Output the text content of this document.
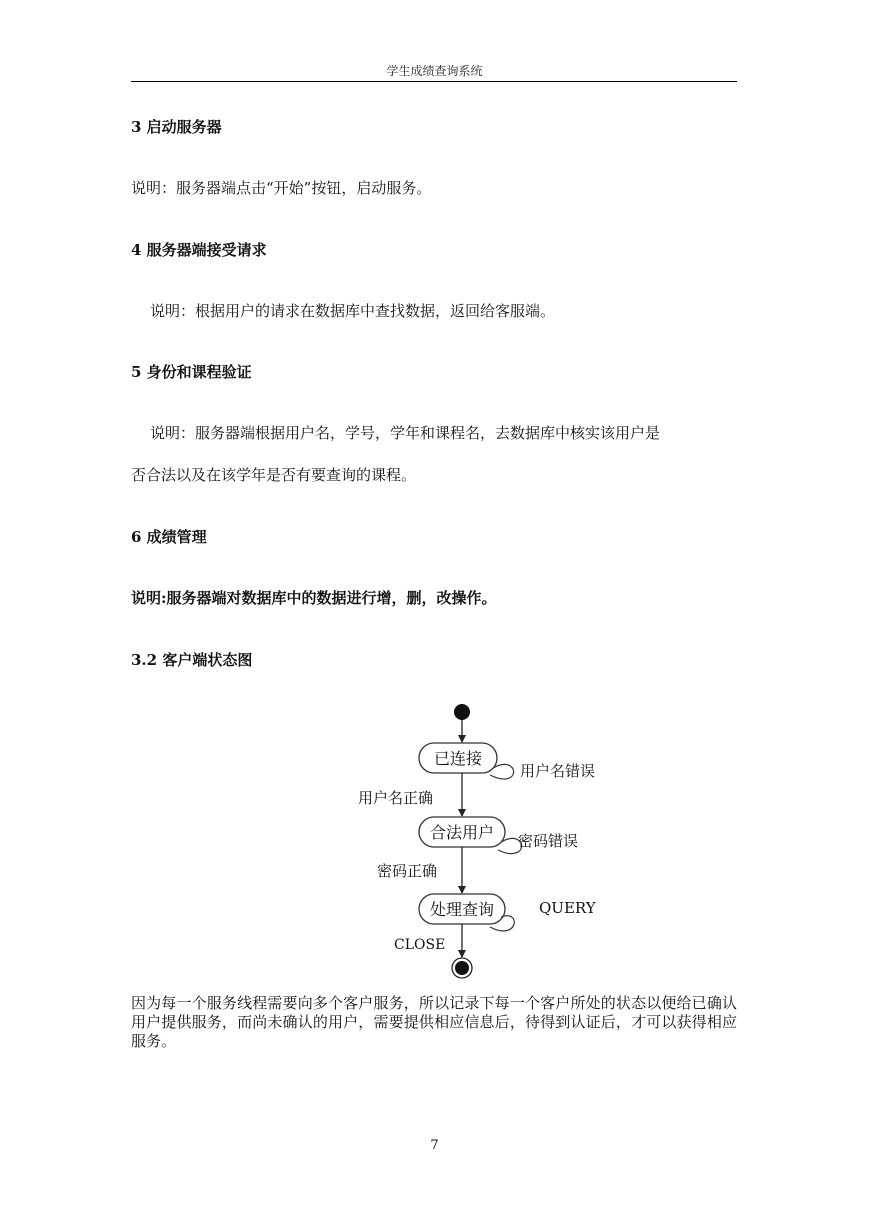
学生成绩查询系统
3 启动服务器
说明：服务器端点击“开始”按钮，启动服务。
4 服务器端接受请求
说明：根据用户的请求在数据库中查找数据，返回给客服端。
5 身份和课程验证
说明：服务器端根据用户名，学号，学年和课程名，去数据库中核实该用户是
否合法以及在该学年是否有要查询的课程。
6 成绩管理
说明:服务器端对数据库中的数据进行增，删，改操作。
3.2 客户端状态图
已连接
用户名错误
用户名正确
合法用户 密码错误
密码正确
处理查询	QUERY
CLOSE
因为每一个服务线程需要向多个客户服务，所以记录下每一个客户所处的状态以便给已确认用户提供服务，而尚未确认的用户，需要提供相应信息后，待得到认证后，才可以获得相应服务。
7
